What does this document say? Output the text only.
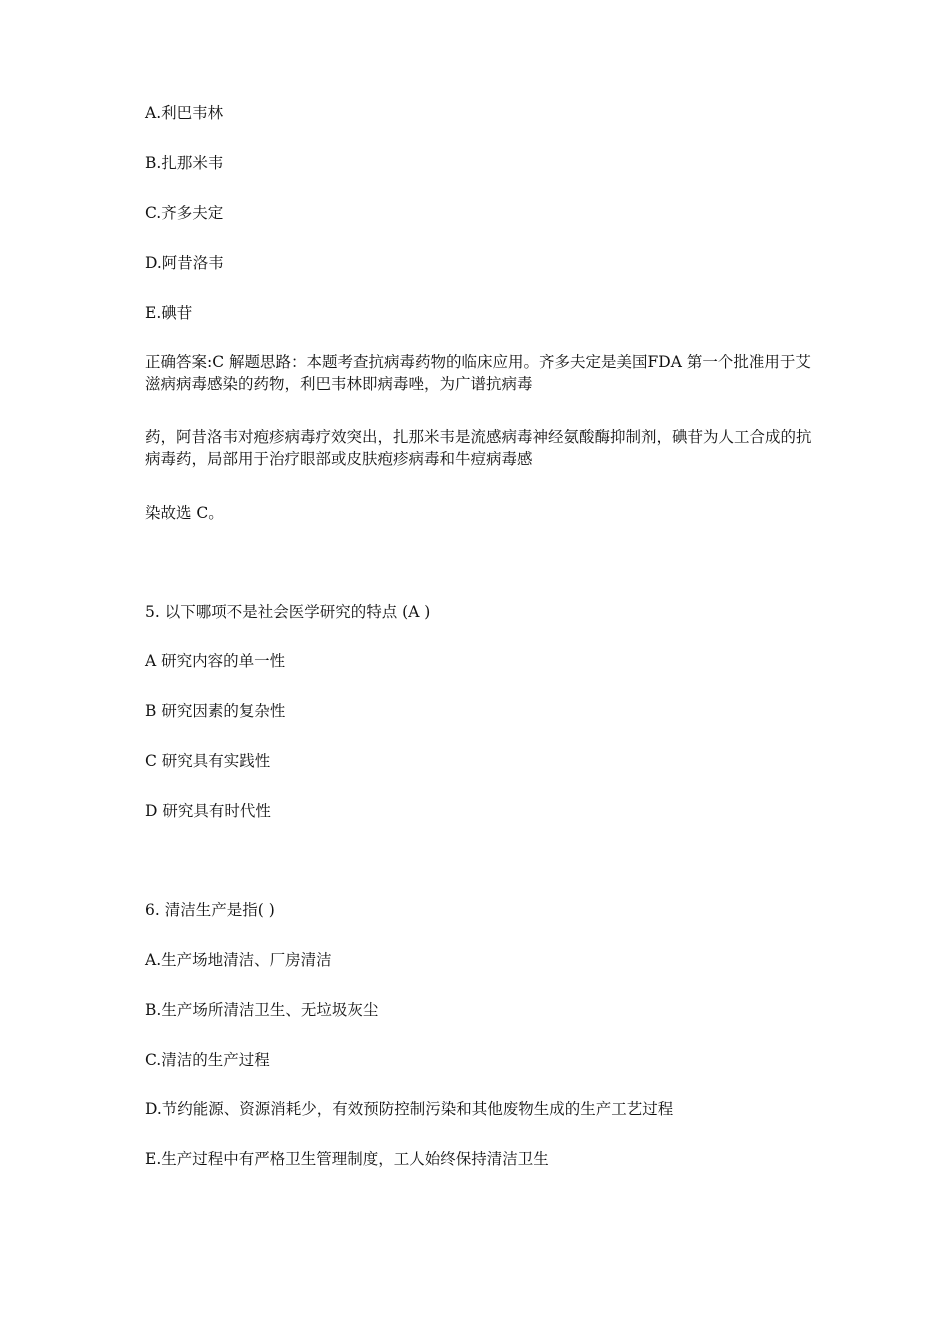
A.利巴韦林
B.扎那米韦
C.齐多夫定
D.阿昔洛韦
E.碘苷
正确答案:C 解题思路：本题考查抗病毒药物的临床应用。齐多夫定是美国FDA 第一个批准用于艾滋病病毒感染的药物，利巴韦林即病毒唑，为广谱抗病毒
药，阿昔洛韦对疱疹病毒疗效突出，扎那米韦是流感病毒神经氨酸酶抑制剂，碘苷为人工合成的抗病毒药，局部用于治疗眼部或皮肤疱疹病毒和牛痘病毒感
染故选 C。
5. 以下哪项不是社会医学研究的特点 (A )
A 研究内容的单一性
B 研究因素的复杂性
C 研究具有实践性
D 研究具有时代性
6. 清洁生产是指( )
A.生产场地清洁、厂房清洁
B.生产场所清洁卫生、无垃圾灰尘
C.清洁的生产过程
D.节约能源、资源消耗少，有效预防控制污染和其他废物生成的生产工艺过程
E.生产过程中有严格卫生管理制度，工人始终保持清洁卫生
